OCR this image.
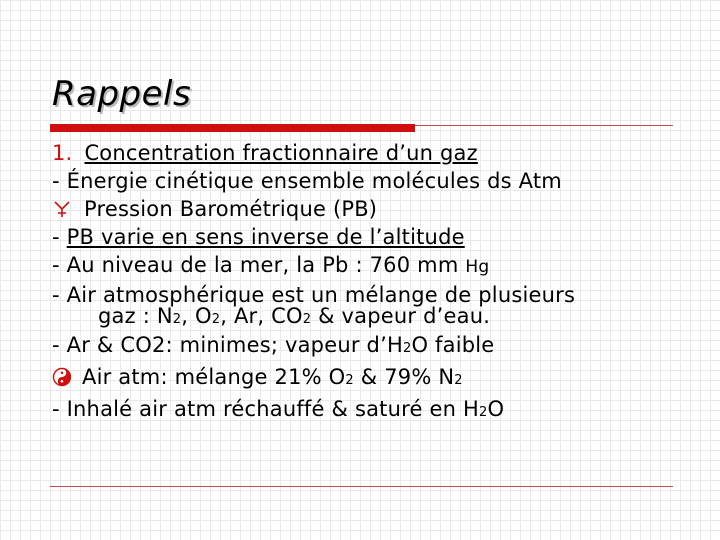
Rappels
1. Concentration fractionnaire d’un gaz
- Énergie cinétique ensemble molécules ds Atm
Pression Barométrique (PB)
- PB varie en sens inverse de l’altitude
- Au niveau de la mer, la Pb : 760 mm Hg
- Air atmosphérique est un mélange de plusieurs
gaz : N2, O2, Ar, CO2 & vapeur d’eau.
- Ar & CO2: minimes; vapeur d’H2O faible
Air atm: mélange 21% O2 & 79% N2
- Inhalé air atm réchauffé & saturé en H2O
